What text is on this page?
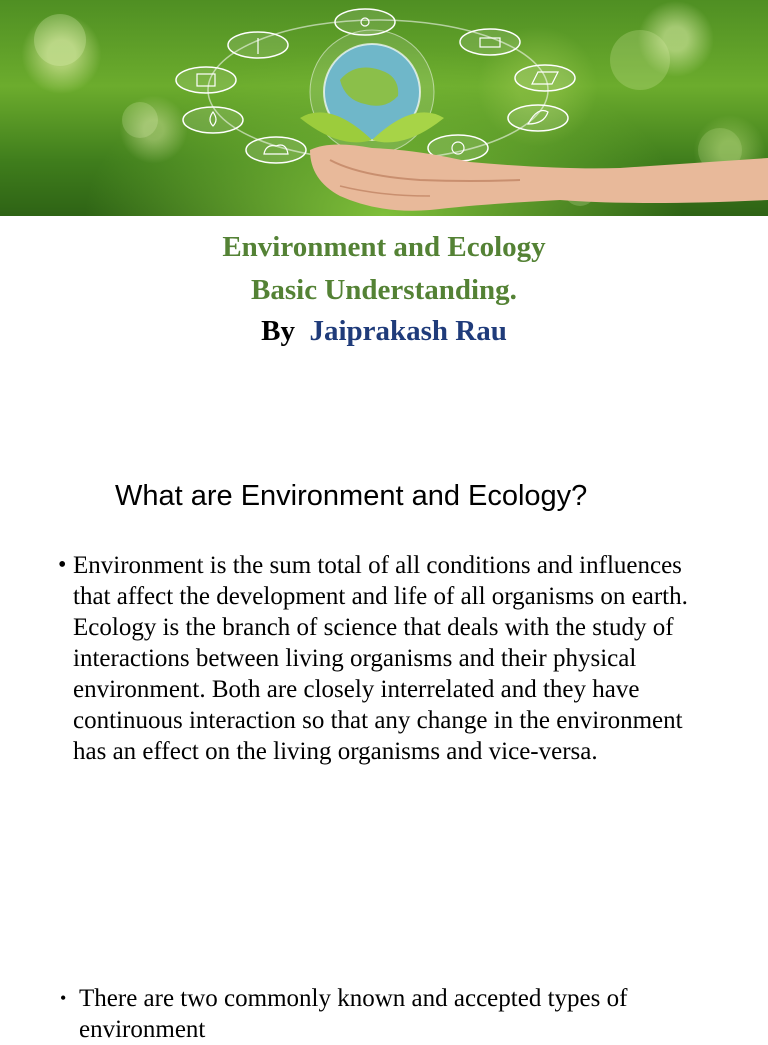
Environment and Ecology
Basic Understanding.
By Jaiprakash Rau
What are Environment and Ecology?
• Environment is the sum total of all conditions and influences that affect the development and life of all organisms on earth. Ecology is the branch of science that deals with the study of interactions between living organisms and their physical environment. Both are closely interrelated and they have continuous interaction so that any change in the environment has an effect on the living organisms and vice-versa.
• There are two commonly known and accepted types of environment
